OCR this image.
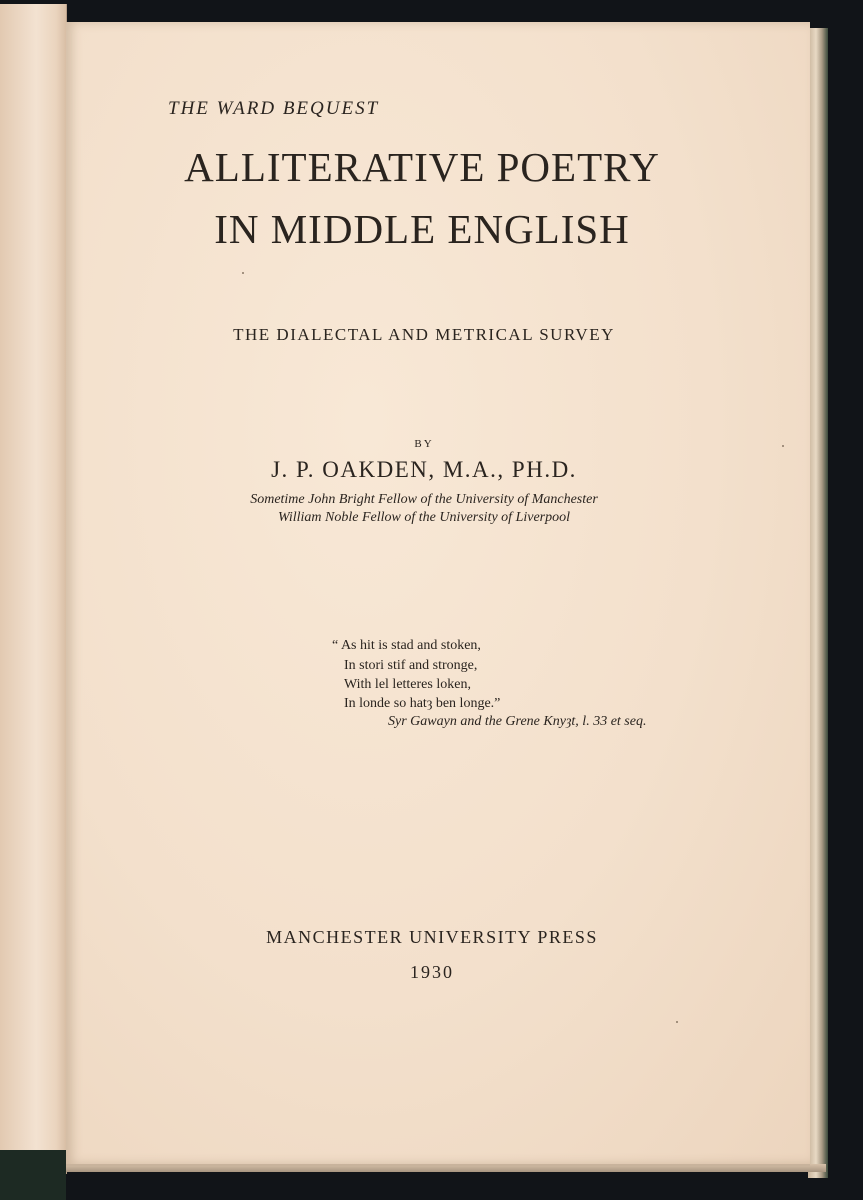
THE WARD BEQUEST
ALLITERATIVE POETRY
IN MIDDLE ENGLISH
THE DIALECTAL AND METRICAL SURVEY
BY
J. P. OAKDEN, M.A., PH.D.
Sometime John Bright Fellow of the University of Manchester
William Noble Fellow of the University of Liverpool
“ As hit is stad and stoken,
In stori stif and stronge,
With lel letteres loken,
In londe so hatȝ ben longe.”
Syr Gawayn and the Grene Knyȝt, l. 33 et seq.
MANCHESTER UNIVERSITY PRESS
1930
